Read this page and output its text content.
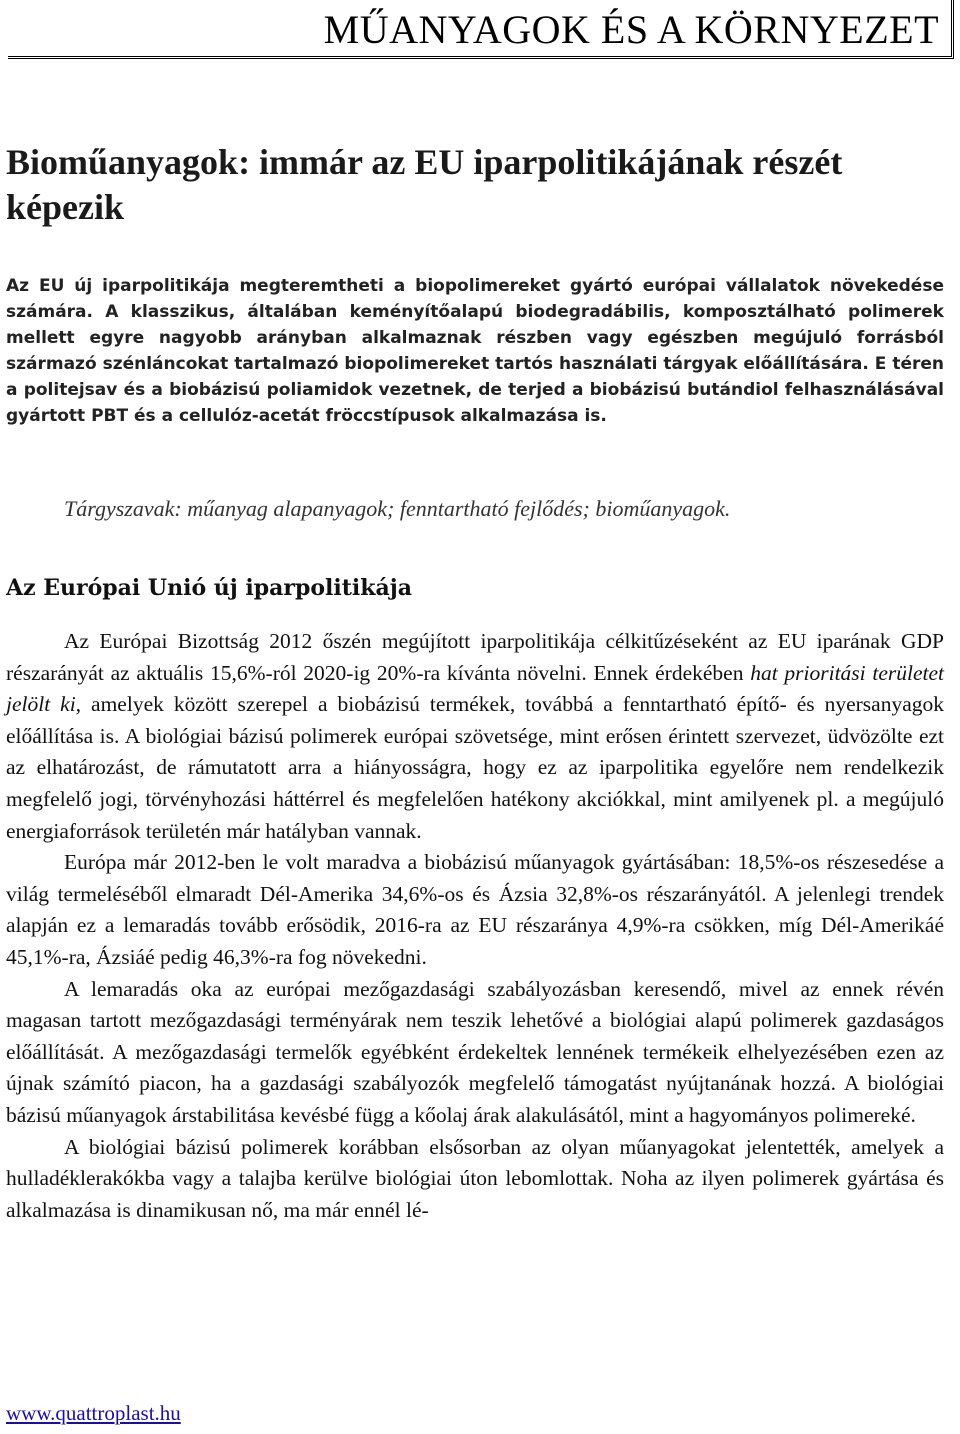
MŰANYAGOK ÉS A KÖRNYEZET
Bioműanyagok: immár az EU iparpolitikájának részét képezik

Az EU új iparpolitikája megteremtheti a biopolimereket gyártó európai vállalatok növekedése számára. A klasszikus, általában keményítőalapú biodegradábilis, komposztálható polimerek mellett egyre nagyobb arányban alkalmaznak részben vagy egészben megújuló forrásból származó szénláncokat tartalmazó biopolimereket tartós használati tárgyak előállítására. E téren a politejsav és a biobázisú poliamidok vezetnek, de terjed a biobázisú butándiol felhasználásával gyártott PBT és a cellulóz-acetát fröccstípusok alkalmazása is.

Tárgyszavak: műanyag alapanyagok; fenntartható fejlődés; bioműanyagok.

Az Európai Unió új iparpolitikája

Az Európai Bizottság 2012 őszén megújított iparpolitikája célkitűzéseként az EU iparának GDP részarányát az aktuális 15,6%-ról 2020-ig 20%-ra kívánta növelni. Ennek érdekében hat prioritási területet jelölt ki, amelyek között szerepel a biobázisú termékek, továbbá a fenntartható építő- és nyersanyagok előállítása is. A biológiai bázisú polimerek európai szövetsége, mint erősen érintett szervezet, üdvözölte ezt az elhatározást, de rámutatott arra a hiányosságra, hogy ez az iparpolitika egyelőre nem rendelkezik megfelelő jogi, törvényhozási háttérrel és megfelelően hatékony akciókkal, mint amilyenek pl. a megújuló energiaforrások területén már hatályban vannak.

Európa már 2012-ben le volt maradva a biobázisú műanyagok gyártásában: 18,5%-os részesedése a világ termeléséből elmaradt Dél-Amerika 34,6%-os és Ázsia 32,8%-os részarányától. A jelenlegi trendek alapján ez a lemaradás tovább erősödik, 2016-ra az EU részaránya 4,9%-ra csökken, míg Dél-Amerikáé 45,1%-ra, Ázsiáé pedig 46,3%-ra fog növekedni.

A lemaradás oka az európai mezőgazdasági szabályozásban keresendő, mivel az ennek révén magasan tartott mezőgazdasági terményárak nem teszik lehetővé a biológiai alapú polimerek gazdaságos előállítását. A mezőgazdasági termelők egyébként érdekeltek lennének termékeik elhelyezésében ezen az újnak számító piacon, ha a gazdasági szabályozók megfelelő támogatást nyújtanának hozzá. A biológiai bázisú műanyagok árstabilitása kevésbé függ a kőolaj árak alakulásától, mint a hagyományos polimereké.

A biológiai bázisú polimerek korábban elsősorban az olyan műanyagokat jelentették, amelyek a hulladéklerakókba vagy a talajba kerülve biológiai úton lebomlottak. Noha az ilyen polimerek gyártása és alkalmazása is dinamikusan nő, ma már ennél lé-

www.quattroplast.hu
